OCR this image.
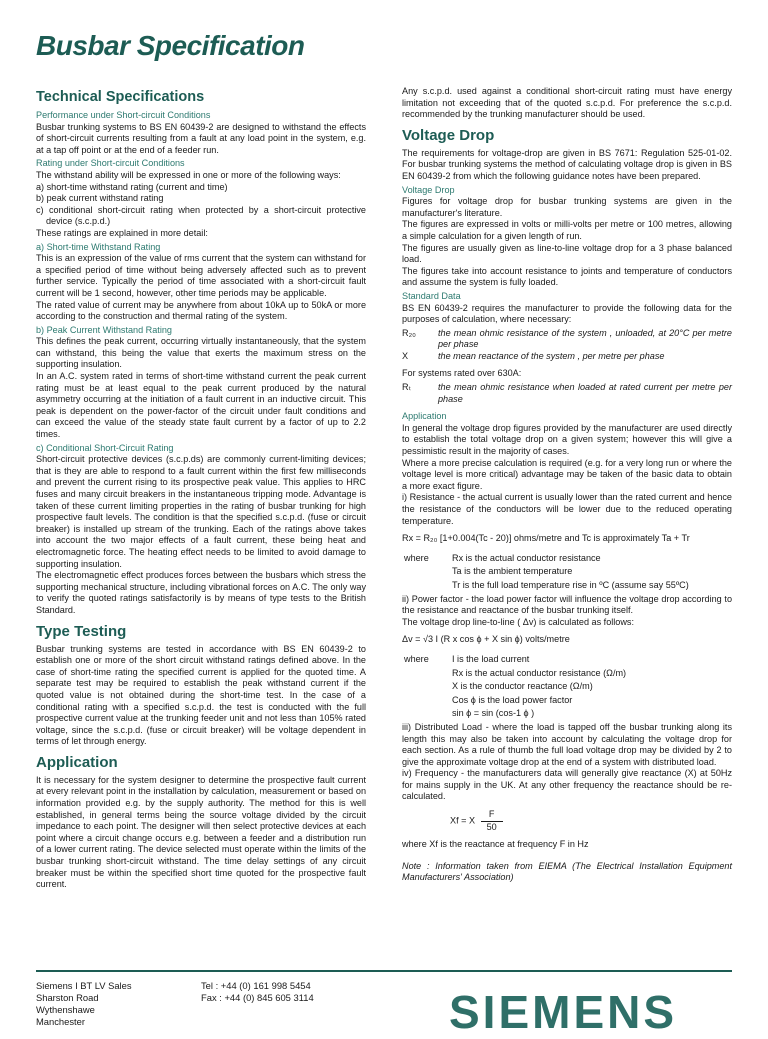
Busbar Specification
Technical Specifications

Performance under Short-circuit Conditions

Busbar trunking systems to BS EN 60439-2 are designed to withstand the effects of short-circuit currents resulting from a fault at any load point in the system, e.g. at a tap off point or at the end of a feeder run.

Rating under Short-circuit Conditions

The withstand ability will be expressed in one or more of the following ways:

a) short-time withstand rating (current and time)

b) peak current withstand rating

c) conditional short-circuit rating when protected by a short-circuit protective device (s.c.p.d.)

These ratings are explained in more detail:

a) Short-time Withstand Rating

This is an expression of the value of rms current that the system can withstand for a specified period of time without being adversely affected such as to prevent further service. Typically the period of time associated with a short-circuit fault current will be 1 second, however, other time periods may be applicable.

The rated value of current may be anywhere from about 10kA up to 50kA or more according to the construction and thermal rating of the system.

b) Peak Current Withstand Rating

This defines the peak current, occurring virtually instantaneously, that the system can withstand, this being the value that exerts the maximum stress on the supporting insulation.

In an A.C. system rated in terms of short-time withstand current the peak current rating must be at least equal to the peak current produced by the natural asymmetry occurring at the initiation of a fault current in an inductive circuit. This peak is dependent on the power-factor of the circuit under fault conditions and can exceed the value of the steady state fault current by a factor of up to 2.2 times.

c) Conditional Short-Circuit Rating

Short-circuit protective devices (s.c.p.ds) are commonly current-limiting devices; that is they are able to respond to a fault current within the first few milliseconds and prevent the current rising to its prospective peak value. This applies to HRC fuses and many circuit breakers in the instantaneous tripping mode. Advantage is taken of these current limiting properties in the rating of busbar trunking for high prospective fault levels. The condition is that the specified s.c.p.d. (fuse or circuit breaker) is installed up stream of the trunking. Each of the ratings above takes into account the two major effects of a fault current, these being heat and electromagnetic force. The heating effect needs to be limited to avoid damage to supporting insulation.

The electromagnetic effect produces forces between the busbars which stress the supporting mechanical structure, including vibrational forces on A.C. The only way to verify the quoted ratings satisfactorily is by means of type tests to the British Standard.

Type Testing

Busbar trunking systems are tested in accordance with BS EN 60439-2 to establish one or more of the short circuit withstand ratings defined above. In the case of short-time rating the specified current is applied for the quoted time. A separate test may be required to establish the peak withstand current if the quoted value is not obtained during the short-time test. In the case of a conditional rating with a specified s.c.p.d. the test is conducted with the full prospective current value at the trunking feeder unit and not less than 105% rated voltage, since the s.c.p.d. (fuse or circuit breaker) will be voltage dependent in terms of let through energy.

Application

It is necessary for the system designer to determine the prospective fault current at every relevant point in the installation by calculation, measurement or based on information provided e.g. by the supply authority. The method for this is well established, in general terms being the source voltage divided by the circuit impedance to each point. The designer will then select protective devices at each point where a circuit change occurs e.g. between a feeder and a distribution run of a lower current rating. The device selected must operate within the limits of the busbar trunking short-circuit withstand. The time delay settings of any circuit breaker must be within the specified short time quoted for the prospective fault current.

Any s.c.p.d. used against a conditional short-circuit rating must have energy limitation not exceeding that of the quoted s.c.p.d. For preference the s.c.p.d. recommended by the trunking manufacturer should be used.

Voltage Drop

The requirements for voltage-drop are given in BS 7671: Regulation 525-01-02. For busbar trunking systems the method of calculating voltage drop is given in BS EN 60439-2 from which the following guidance notes have been prepared.

Voltage Drop

Figures for voltage drop for busbar trunking systems are given in the manufacturer's literature.

The figures are expressed in volts or milli-volts per metre or 100 metres, allowing a simple calculation for a given length of run.

The figures are usually given as line-to-line voltage drop for a 3 phase balanced load.

The figures take into account resistance to joints and temperature of conductors and assume the system is fully loaded.

Standard Data

BS EN 60439-2 requires the manufacturer to provide the following data for the purposes of calculation, where necessary:

R₂₀	the mean ohmic resistance of the system , unloaded, at 20°C per metre per phase
X	the mean reactance of the system , per metre per phase

For systems rated over 630A:

Rₜ	the mean ohmic resistance when loaded at rated current per metre per phase

Application

In general the voltage drop figures provided by the manufacturer are used directly to establish the total voltage drop on a given system; however this will give a pessimistic result in the majority of cases.

Where a more precise calculation is required (e.g. for a very long run or where the voltage level is more critical) advantage may be taken of the basic data to obtain a more exact figure.

i) Resistance - the actual current is usually lower than the rated current and hence the resistance of the conductors will be lower due to the reduced operating temperature.

Rx = R₂₀ [1+0.004(Tc - 20)] ohms/metre and Tc is approximately Ta + Tr

where	Rx is the actual conductor resistance
	Ta is the ambient temperature
	Tr is the full load temperature rise in ºC (assume say 55ºC)

ii) Power factor - the load power factor will influence the voltage drop according to the resistance and reactance of the busbar trunking itself.

The voltage drop line-to-line ( Δv) is calculated as follows:

Δv = √3 I (R x cos ϕ + X sin ϕ) volts/metre

where	I is the load current
	Rx is the actual conductor resistance (Ω/m)
	X is the conductor reactance (Ω/m)
	Cos ϕ is the load power factor
	sin ϕ = sin (cos-1 ϕ )

iii) Distributed Load - where the load is tapped off the busbar trunking along its length this may also be taken into account by calculating the voltage drop for each section. As a rule of thumb the full load voltage drop may be divided by 2 to give the approximate voltage drop at the end of a system with distributed load.

iv) Frequency - the manufacturers data will generally give reactance (X) at 50Hz for mains supply in the UK. At any other frequency the reactance should be re-calculated.

Xf = X $\frac{F}{50}$

where Xf is the reactance at frequency F in Hz

Note : Information taken from EIEMA (The Electrical Installation Equipment Manufacturers' Association)

Siemens I BT LV Sales
Sharston Road
Wythenshawe
Manchester
Tel : +44 (0) 161 998 5454
Fax : +44 (0) 845 605 3114	SIEMENS
